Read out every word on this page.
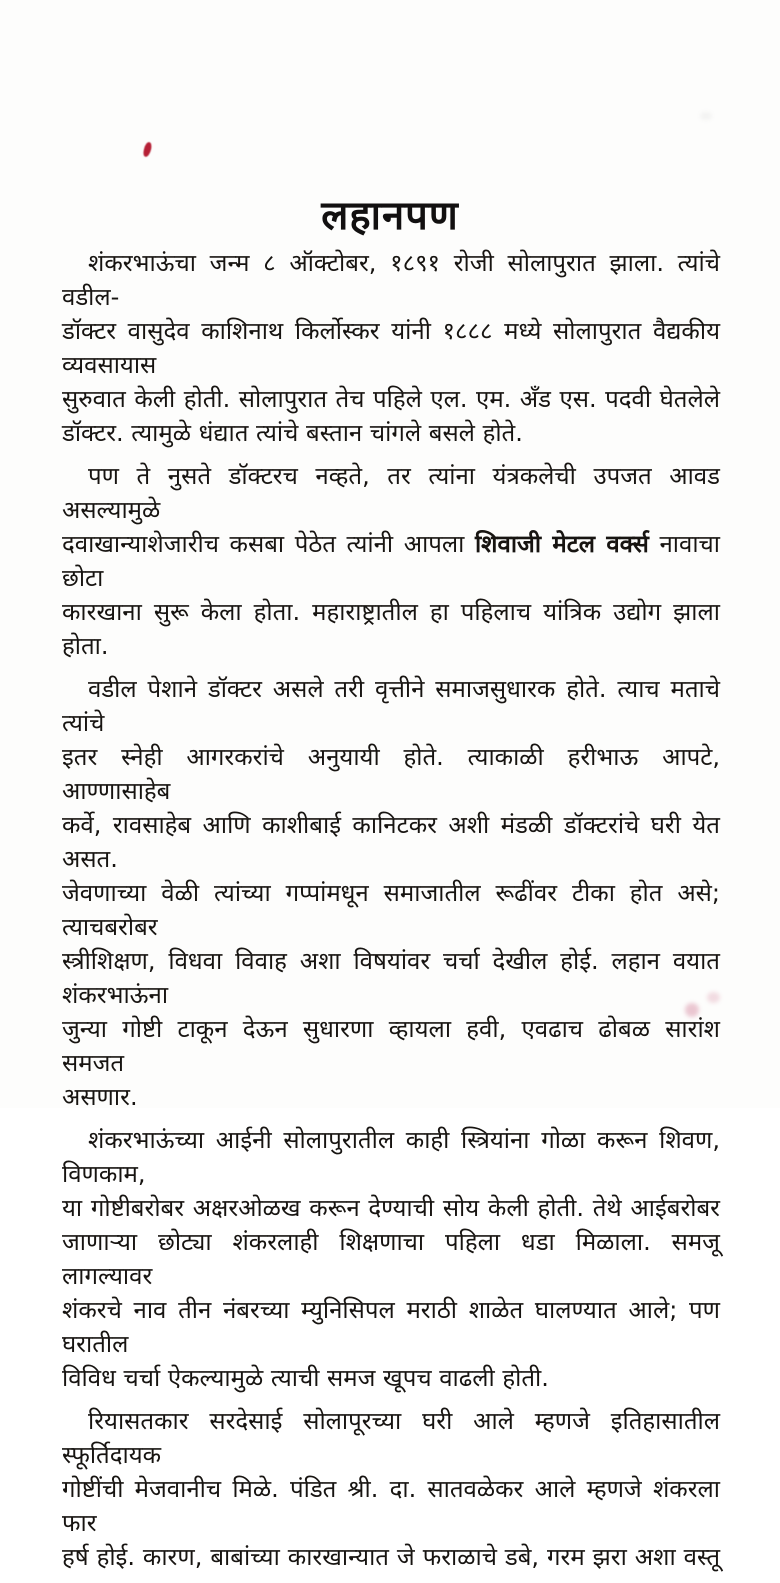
लहानपण
शंकरभाऊंचा जन्म ८ ऑक्टोबर, १८९१ रोजी सोलापुरात झाला. त्यांचे वडील-
डॉक्टर वासुदेव काशिनाथ किर्लोस्कर यांनी १८८८ मध्ये सोलापुरात वैद्यकीय व्यवसायास
सुरुवात केली होती. सोलापुरात तेच पहिले एल. एम. अँड एस. पदवी घेतलेले
डॉक्टर. त्यामुळे धंद्यात त्यांचे बस्तान चांगले बसले होते.
पण ते नुसते डॉक्टरच नव्हते, तर त्यांना यंत्रकलेची उपजत आवड असल्यामुळे
दवाखान्याशेजारीच कसबा पेठेत त्यांनी आपला शिवाजी मेटल वर्क्स नावाचा छोटा
कारखाना सुरू केला होता. महाराष्ट्रातील हा पहिलाच यांत्रिक उद्योग झाला होता.
वडील पेशाने डॉक्टर असले तरी वृत्तीने समाजसुधारक होते. त्याच मताचे त्यांचे
इतर स्नेही आगरकरांचे अनुयायी होते. त्याकाळी हरीभाऊ आपटे, आण्णासाहेब
कर्वे, रावसाहेब आणि काशीबाई कानिटकर अशी मंडळी डॉक्टरांचे घरी येत असत.
जेवणाच्या वेळी त्यांच्या गप्पांमधून समाजातील रूढींवर टीका होत असे; त्याचबरोबर
स्त्रीशिक्षण, विधवा विवाह अशा विषयांवर चर्चा देखील होई. लहान वयात शंकरभाऊंना
जुन्या गोष्टी टाकून देऊन सुधारणा व्हायला हवी, एवढाच ढोबळ सारांश समजत
असणार.
शंकरभाऊंच्या आईनी सोलापुरातील काही स्त्रियांना गोळा करून शिवण, विणकाम,
या गोष्टीबरोबर अक्षरओळख करून देण्याची सोय केली होती. तेथे आईबरोबर
जाणाऱ्या छोट्या शंकरलाही शिक्षणाचा पहिला धडा मिळाला. समजू लागल्यावर
शंकरचे नाव तीन नंबरच्या म्युनिसिपल मराठी शाळेत घालण्यात आले; पण घरातील
विविध चर्चा ऐकल्यामुळे त्याची समज खूपच वाढली होती.
रियासतकार सरदेसाई सोलापूरच्या घरी आले म्हणजे इतिहासातील स्फूर्तिदायक
गोष्टींची मेजवानीच मिळे. पंडित श्री. दा. सातवळेकर आले म्हणजे शंकरला फार
हर्ष होई. कारण, बाबांच्या कारखान्यात जे फराळाचे डबे, गरम झरा अशा वस्तू
